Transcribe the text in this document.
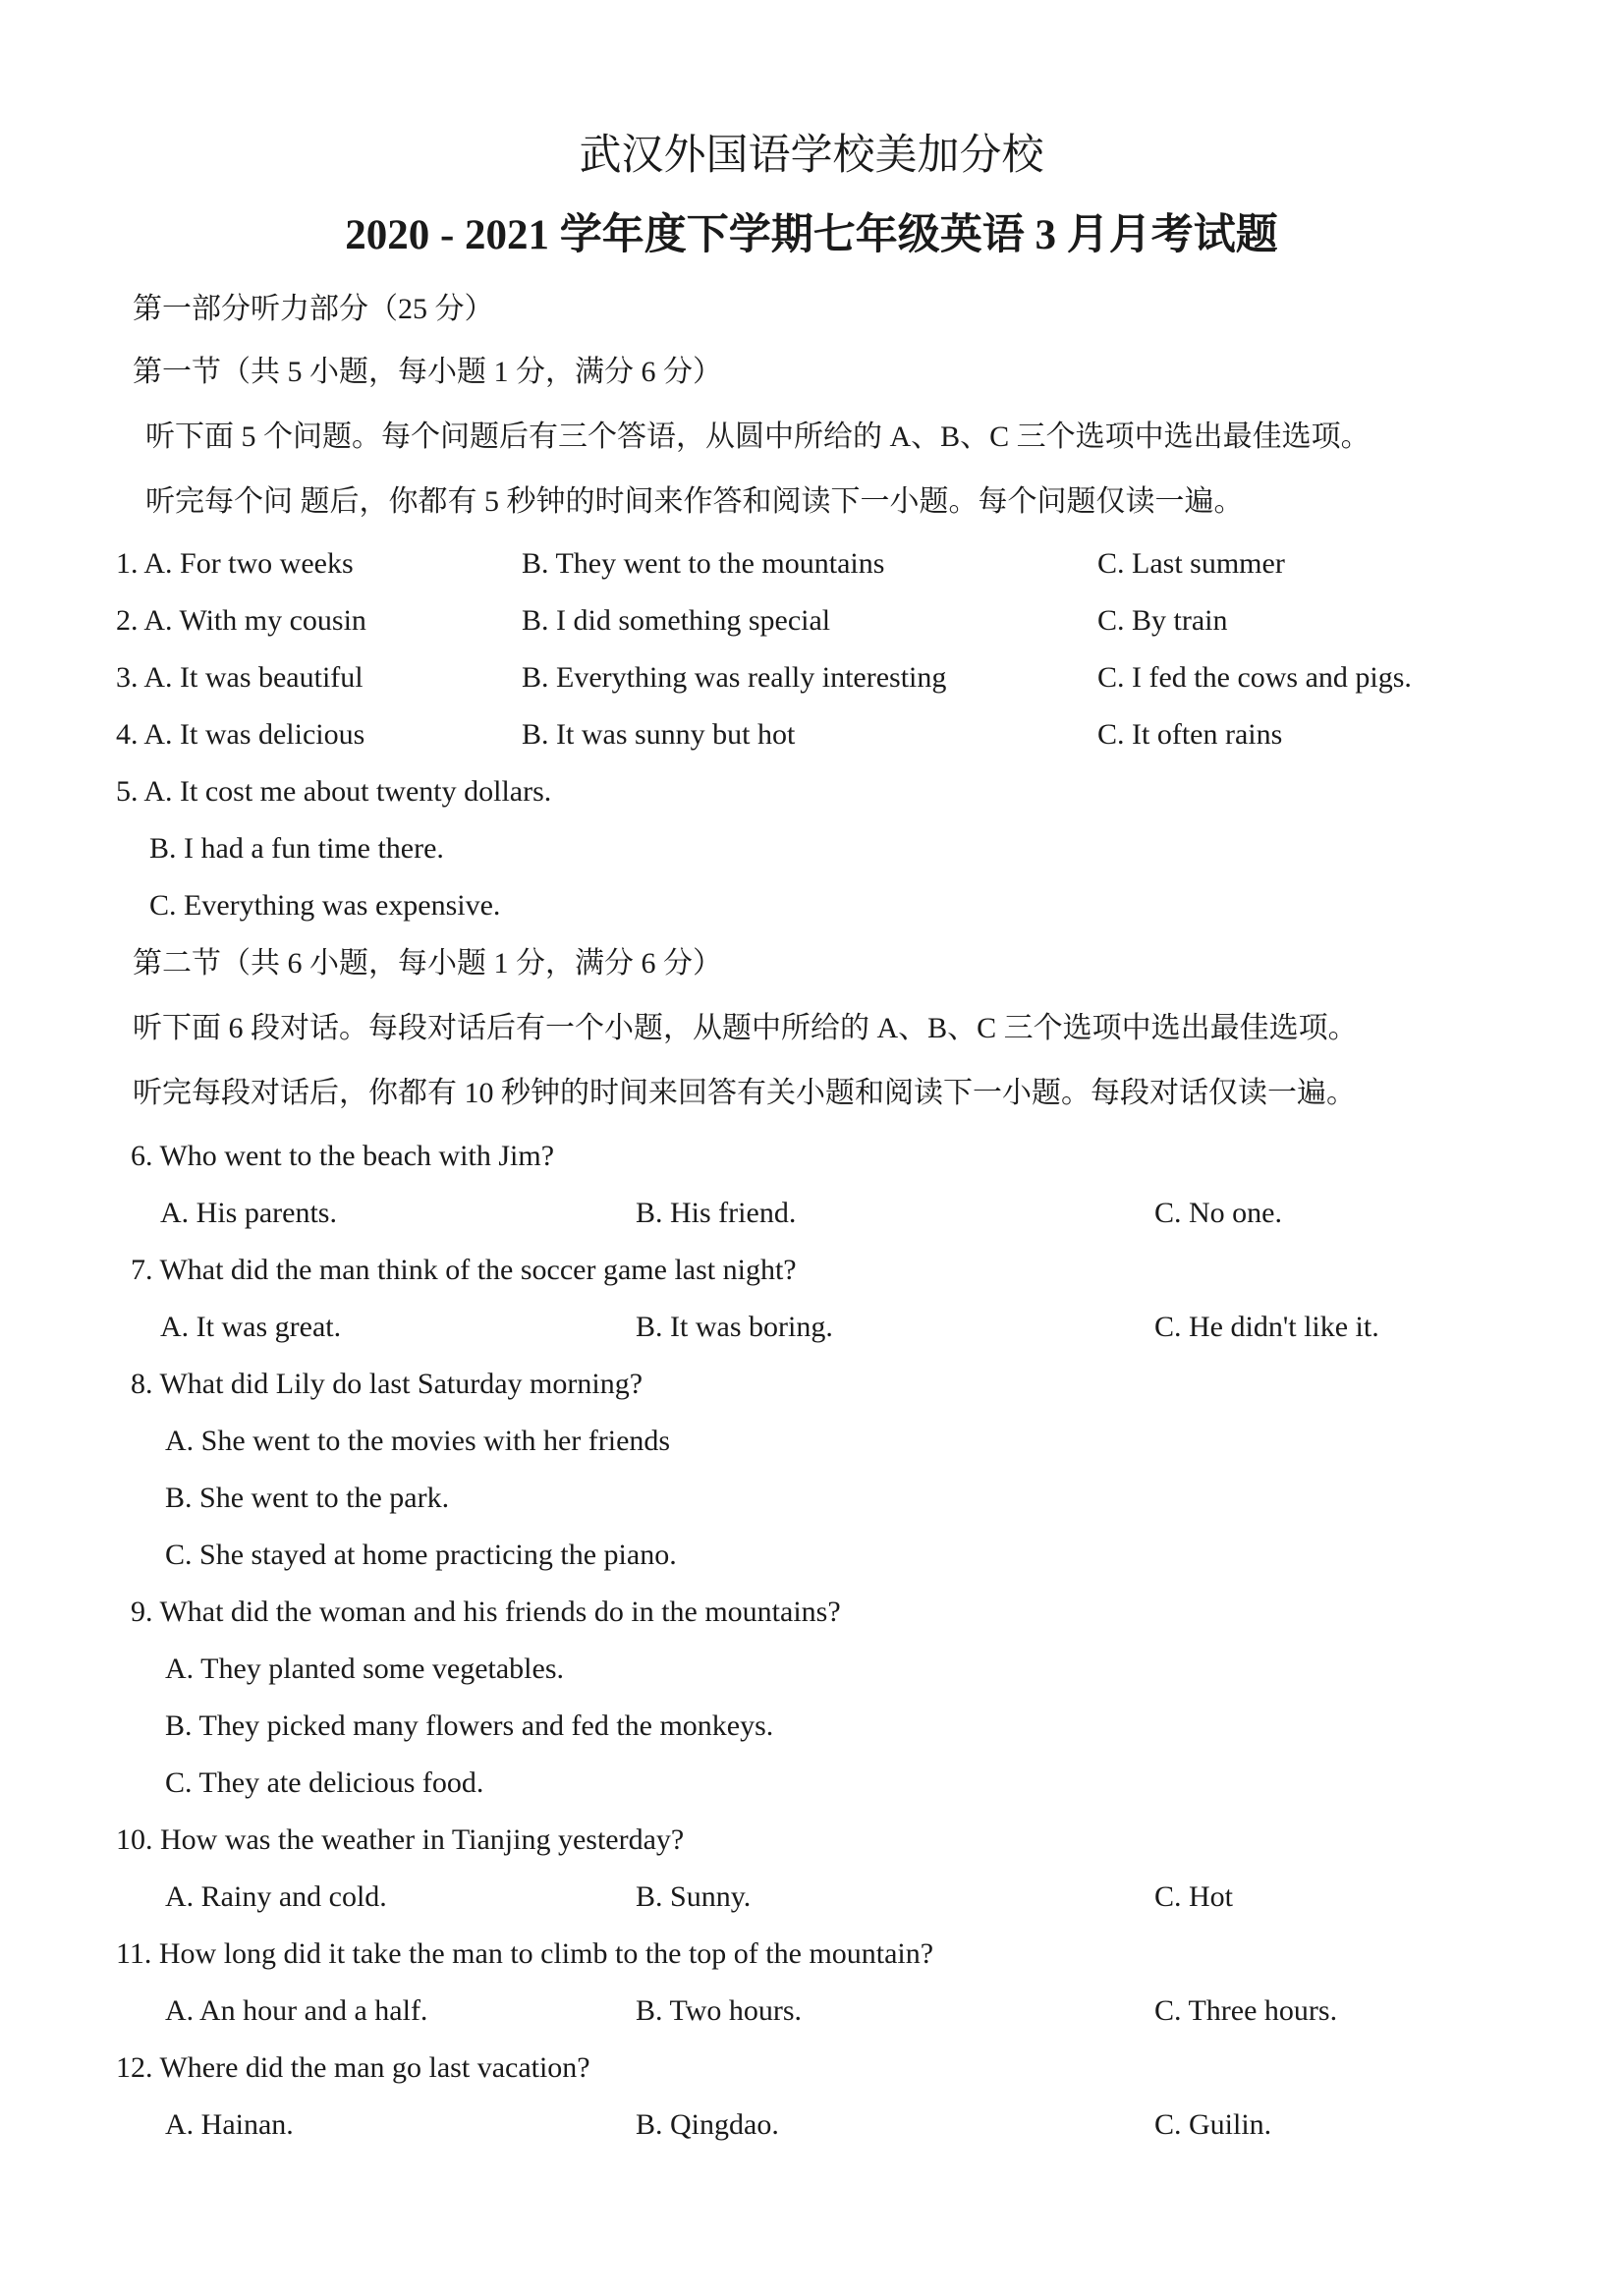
武汉外国语学校美加分校
2020 - 2021 学年度下学期七年级英语 3 月月考试题
第一部分听力部分（25 分）
第一节（共 5 小题，每小题 1 分，满分 6 分）
听下面 5 个问题。每个问题后有三个答语，从圆中所给的 A、B、C 三个选项中选出最佳选项。
听完每个问 题后，你都有 5 秒钟的时间来作答和阅读下一小题。每个问题仅读一遍。
1. A. For two weeks	B. They went to the mountains	C. Last summer
2. A. With my cousin	B. I did something special	C. By train
3. A. It was beautiful	B. Everything was really interesting	C. I fed the cows and pigs.
4. A. It was delicious	B. It was sunny but hot	C. It often rains
5. A. It cost me about twenty dollars.
B. I had a fun time there.
C. Everything was expensive.
第二节（共 6 小题，每小题 1 分，满分 6 分）
听下面 6 段对话。每段对话后有一个小题，从题中所给的 A、B、C 三个选项中选出最佳选项。
听完每段对话后，你都有 10 秒钟的时间来回答有关小题和阅读下一小题。每段对话仅读一遍。
6. Who went to the beach with Jim?
A. His parents.	B. His friend.	C. No one.
7. What did the man think of the soccer game last night?
A. It was great.	B. It was boring.	C. He didn't like it.
8. What did Lily do last Saturday morning?
A. She went to the movies with her friends
B. She went to the park.
C. She stayed at home practicing the piano.
9. What did the woman and his friends do in the mountains?
A. They planted some vegetables.
B. They picked many flowers and fed the monkeys.
C. They ate delicious food.
10. How was the weather in Tianjing yesterday?
A. Rainy and cold.	B. Sunny.	C. Hot
11. How long did it take the man to climb to the top of the mountain?
A. An hour and a half.	B. Two hours.	C. Three hours.
12. Where did the man go last vacation?
A. Hainan.	B. Qingdao.	C. Guilin.
